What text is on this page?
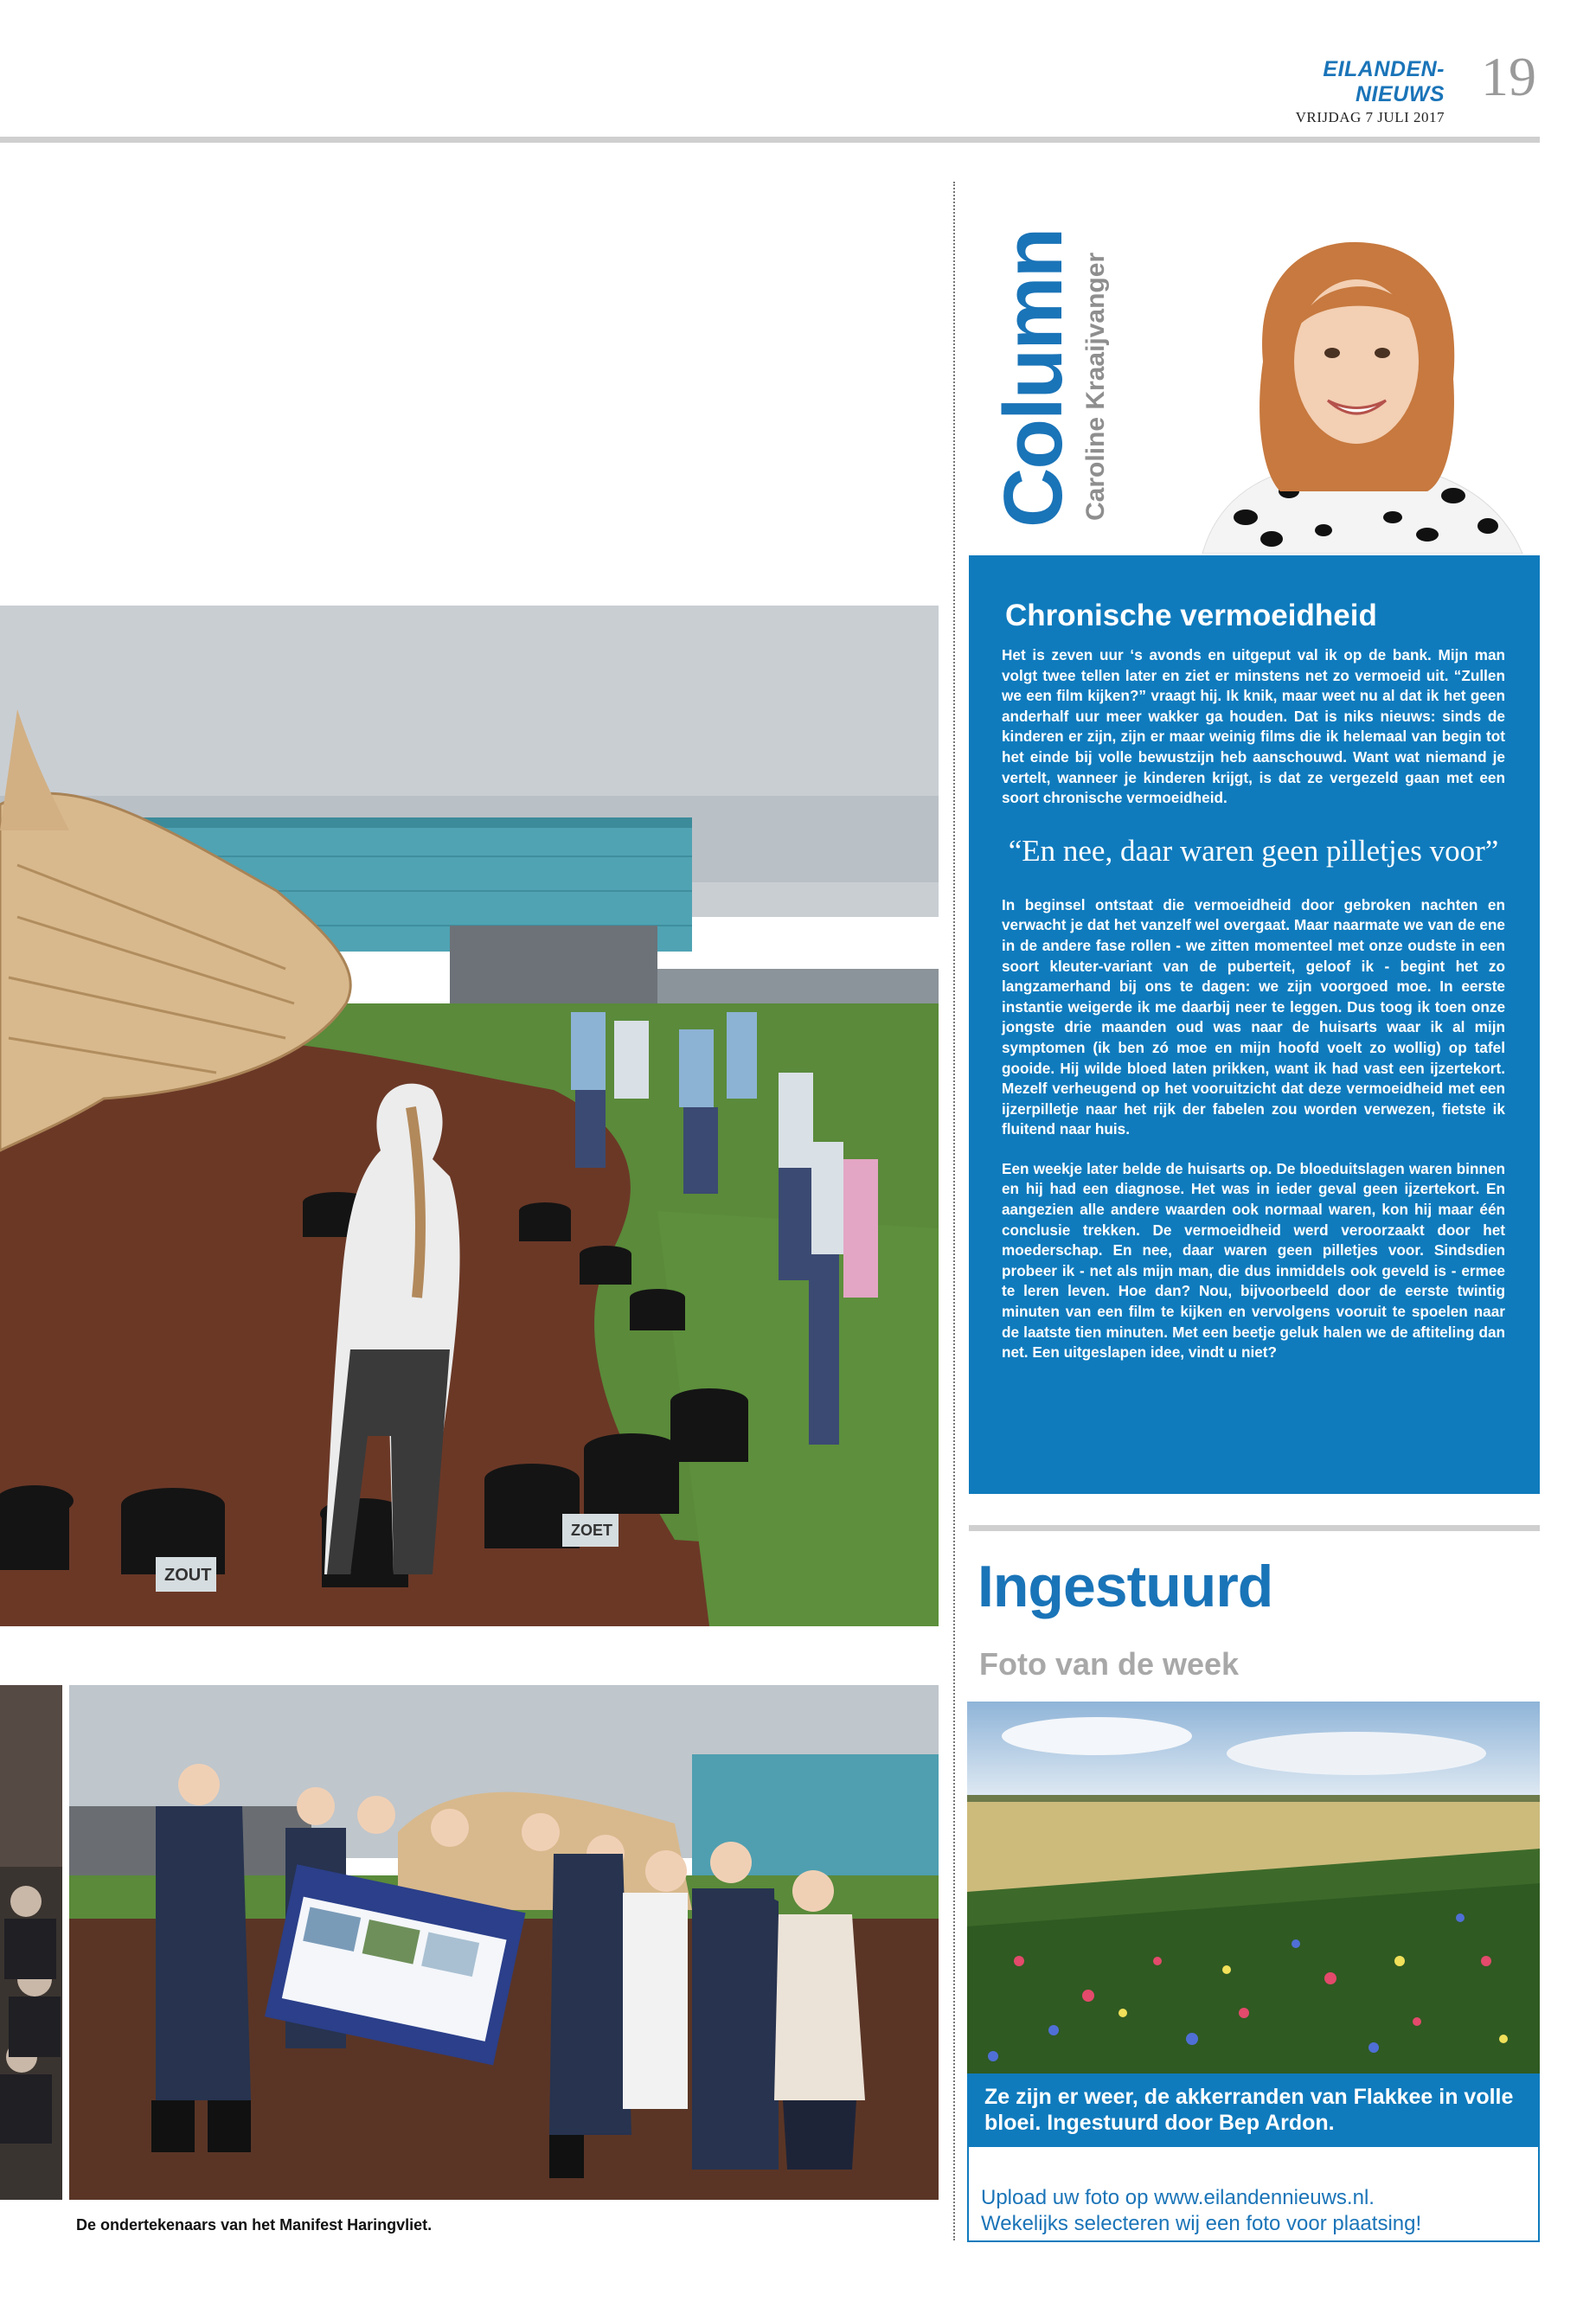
EILANDEN-NIEUWS
VRIJDAG 7 JULI 2017
19
Column Caroline Kraaijvanger
Chronische vermoeidheid

Het is zeven uur ‘s avonds en uitgeput val ik op de bank. Mijn man volgt twee tellen later en ziet er minstens net zo vermoeid uit. “Zullen we een film kijken?” vraagt hij. Ik knik, maar weet nu al dat ik het geen anderhalf uur meer wakker ga houden. Dat is niks nieuws: sinds de kinderen er zijn, zijn er maar weinig films die ik helemaal van begin tot het einde bij volle bewustzijn heb aanschouwd. Want wat niemand je vertelt, wanneer je kinderen krijgt, is dat ze vergezeld gaan met een soort chronische vermoeidheid.

“En nee, daar waren geen pilletjes voor”

In beginsel ontstaat die vermoeidheid door gebroken nachten en verwacht je dat het vanzelf wel overgaat. Maar naarmate we van de ene in de andere fase rollen - we zitten momenteel met onze oudste in een soort kleuter-variant van de puberteit, geloof ik - begint het zo langzamerhand bij ons te dagen: we zijn voorgoed moe. In eerste instantie weigerde ik me daarbij neer te leggen. Dus toog ik toen onze jongste drie maanden oud was naar de huisarts waar ik al mijn symptomen (ik ben zó moe en mijn hoofd voelt zo wollig) op tafel gooide. Hij wilde bloed laten prikken, want ik had vast een ijzertekort. Mezelf verheugend op het vooruitzicht dat deze vermoeidheid met een ijzerpilletje naar het rijk der fabelen zou worden verwezen, fietste ik fluitend naar huis.

Een weekje later belde de huisarts op. De bloeduitslagen waren binnen en hij had een diagnose. Het was in ieder geval geen ijzertekort. En aangezien alle andere waarden ook normaal waren, kon hij maar één conclusie trekken. De vermoeidheid werd veroorzaakt door het moederschap. En nee, daar waren geen pilletjes voor. Sindsdien probeer ik - net als mijn man, die dus inmiddels ook geveld is - ermee te leren leven. Hoe dan? Nou, bijvoorbeeld door de eerste twintig minuten van een film te kijken en vervolgens vooruit te spoelen naar de laatste tien minuten. Met een beetje geluk halen we de aftiteling dan net. Een uitgeslapen idee, vindt u niet?

Ingestuurd
Foto van de week
Ze zijn er weer, de akkerranden van Flakkee in volle bloei. Ingestuurd door Bep Ardon.
Upload uw foto op www.eilandennieuws.nl.
Wekelijks selecteren wij een foto voor plaatsing!
ZOUT
ZOET
De ondertekenaars van het Manifest Haringvliet.
